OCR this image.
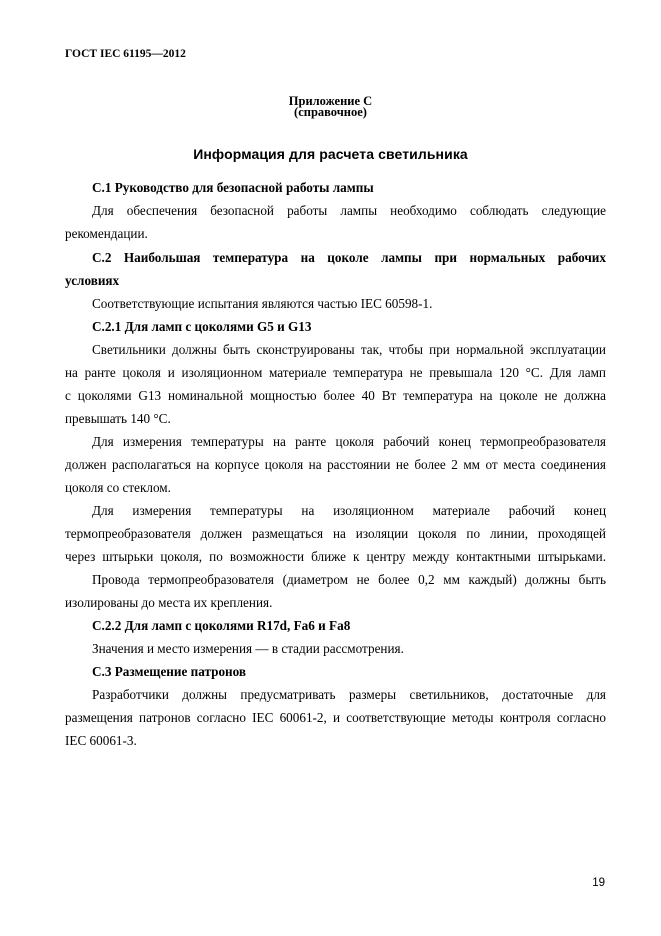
ГОСТ IEC 61195—2012
Приложение С
(справочное)
Информация для расчета светильника
С.1 Руководство для безопасной работы лампы
Для обеспечения безопасной работы лампы необходимо соблюдать следующие
рекомендации.
С.2 Наибольшая температура на цоколе лампы при нормальных рабочих
условиях
Соответствующие испытания являются частью IEC 60598-1.
С.2.1 Для ламп с цоколями G5 и G13
Светильники должны быть сконструированы так, чтобы при нормальной эксплуатации
на ранте цоколя и изоляционном материале температура не превышала 120 °С. Для ламп
с цоколями G13 номинальной мощностью более 40 Вт температура на цоколе не должна
превышать 140 °С.
Для измерения температуры на ранте цоколя рабочий конец термопреобразователя
должен располагаться на корпусе цоколя на расстоянии не более 2 мм от места соединения
цоколя со стеклом.
Для измерения температуры на изоляционном материале рабочий конец
термопреобразователя должен размещаться на изоляции цоколя по линии, проходящей
через штырьки цоколя, по возможности ближе к центру между контактными штырьками.
Провода термопреобразователя (диаметром не более 0,2 мм каждый) должны быть
изолированы до места их крепления.
С.2.2 Для ламп с цоколями R17d, Fa6 и Fa8
Значения и место измерения –– в стадии рассмотрения.
С.3 Размещение патронов
Разработчики должны предусматривать размеры светильников, достаточные для
размещения патронов согласно IEC 60061-2, и соответствующие методы контроля согласно
IEC 60061-3.
19
